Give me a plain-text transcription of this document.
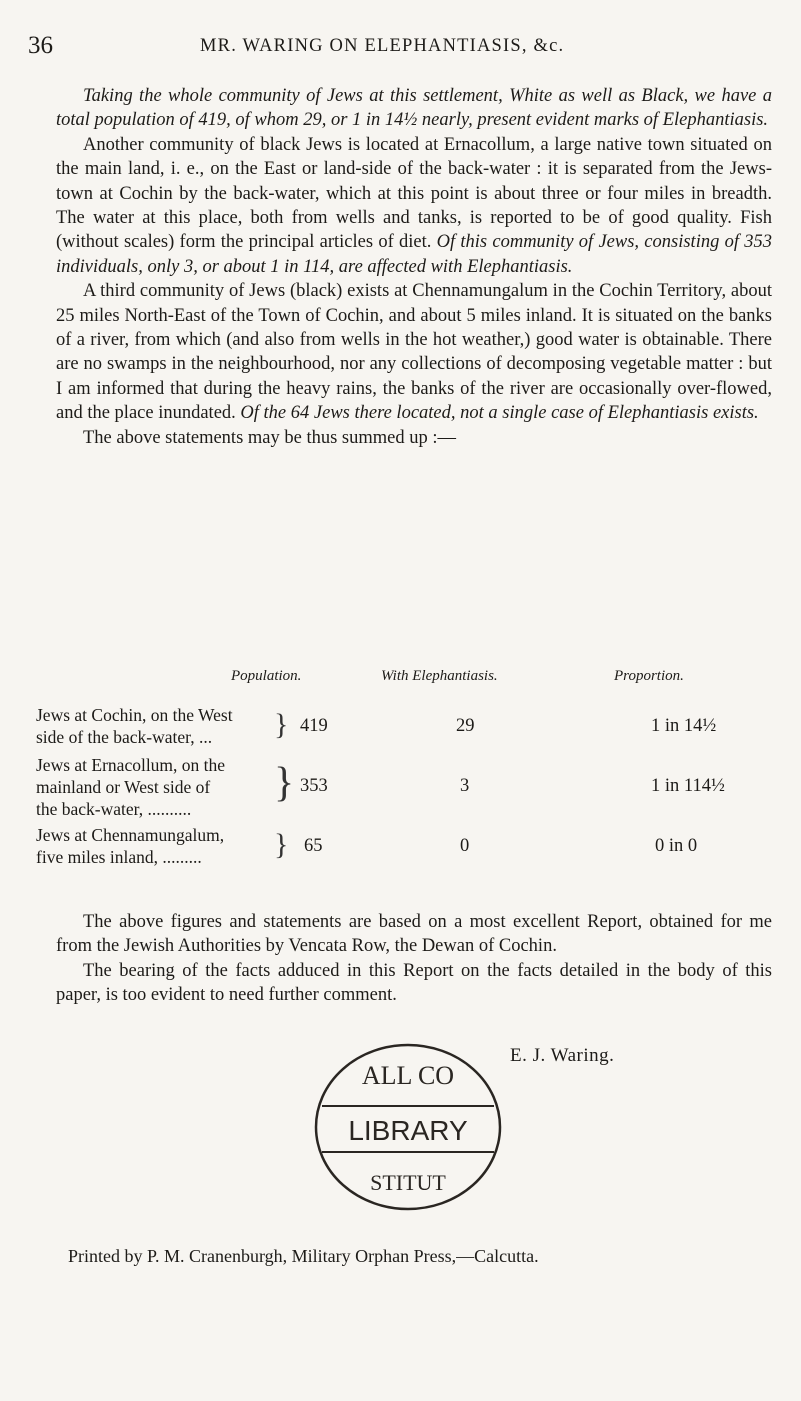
36	MR. WARING ON ELEPHANTIASIS, &c.

Taking the whole community of Jews at this settlement, White as well as Black, we have a total population of 419, of whom 29, or 1 in 14½ nearly, present evident marks of Elephantiasis.

Another community of black Jews is located at Ernacollum, a large native town situated on the main land, i. e., on the East or land-side of the back-water : it is separated from the Jews-town at Cochin by the back-water, which at this point is about three or four miles in breadth. The water at this place, both from wells and tanks, is reported to be of good quality. Fish (without scales) form the principal articles of diet. Of this community of Jews, consisting of 353 individuals, only 3, or about 1 in 114, are affected with Elephantiasis.

A third community of Jews (black) exists at Chennamungalum in the Cochin Territory, about 25 miles North-East of the Town of Cochin, and about 5 miles inland. It is situated on the banks of a river, from which (and also from wells in the hot weather,) good water is obtainable. There are no swamps in the neighbourhood, nor any collections of decomposing vegetable matter : but I am informed that during the heavy rains, the banks of the river are occasionally over-flowed, and the place inundated. Of the 64 Jews there located, not a single case of Elephantiasis exists.

The above statements may be thus summed up :—

Population.	With Elephantiasis.	Proportion.
Jews at Cochin, on the West
side of the back-water, ...	} 419	29	1 in 14½
Jews at Ernacollum, on the
mainland or West side of
the back-water, ..........
} 353	3	1 in 114½
Jews at Chennamungalum,
five miles inland, .........	} 65	0	0 in 0

The above figures and statements are based on a most excellent Report, obtained for me from the Jewish Authorities by Vencata Row, the Dewan of Cochin.

The bearing of the facts adduced in this Report on the facts detailed in the body of this paper, is too evident to need further comment.

E. J. Waring.
ALL CO
LIBRARY
STITUT
Printed by P. M. Cranenburgh, Military Orphan Press,—Calcutta.
